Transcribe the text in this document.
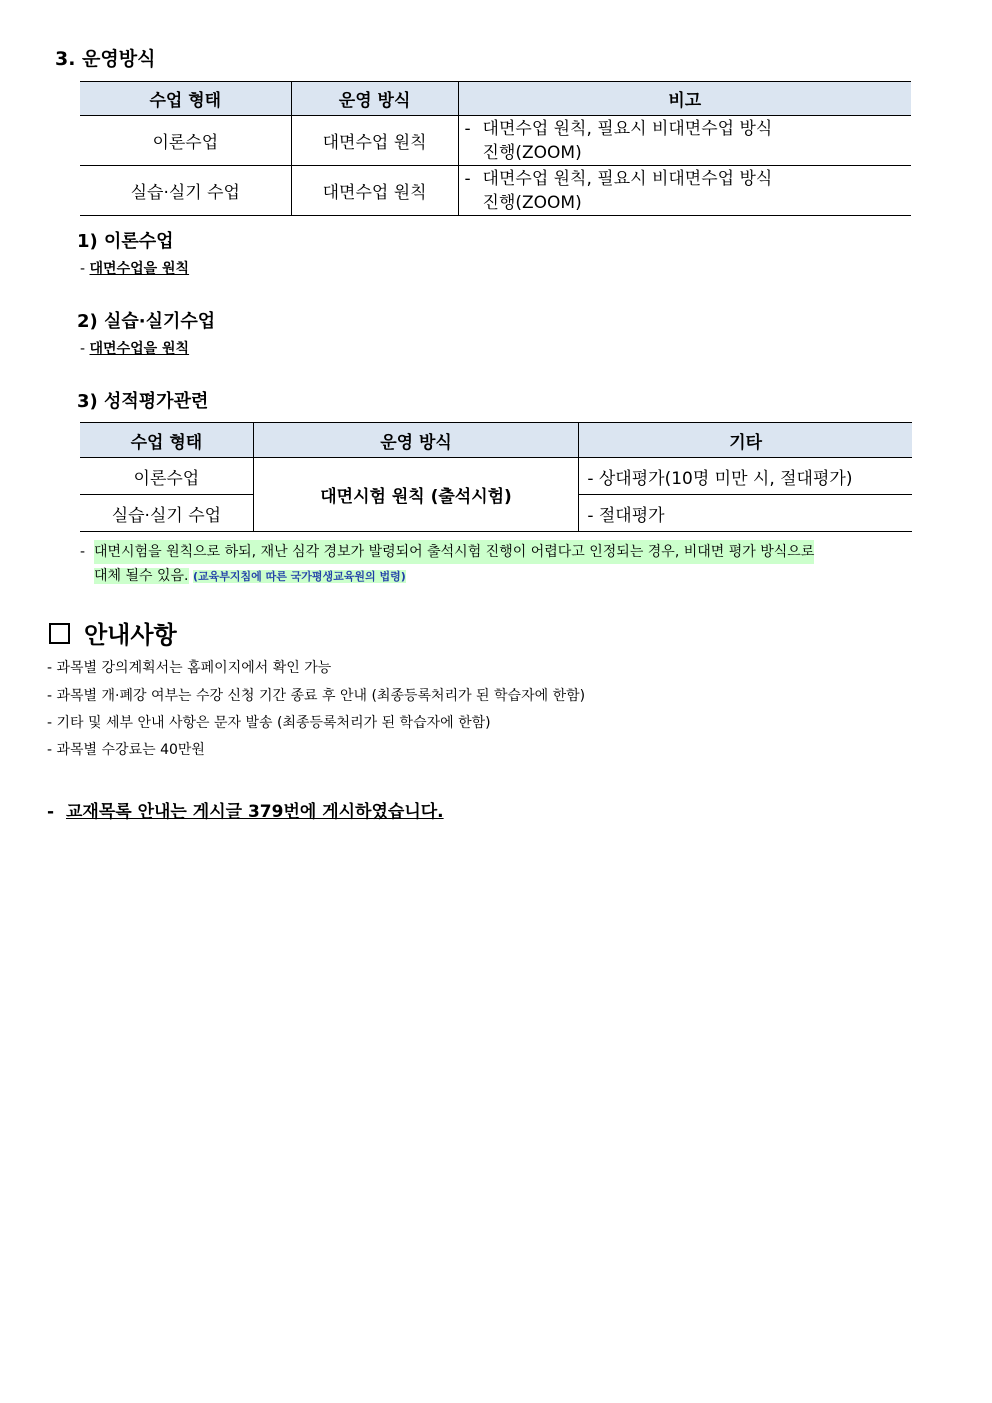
3. 운영방식
수업 형태	운영 방식	비고
이론수업	대면수업 원칙	- 대면수업 원칙, 필요시 비대면수업 방식
진행(ZOOM)

실습·실기 수업	대면수업 원칙	- 대면수업 원칙, 필요시 비대면수업 방식
진행(ZOOM)
1) 이론수업
- 대면수업을 원칙
2) 실습·실기수업
- 대면수업을 원칙
3) 성적평가관련
수업 형태	운영 방식	기타
이론수업	대면시험 원칙 (출석시험)	- 상대평가(10명 미만 시, 절대평가)
실습·실기 수업		- 절대평가
- 대면시험을 원칙으로 하되, 재난 심각 경보가 발령되어 출석시험 진행이 어렵다고 인정되는 경우, 비대면 평가 방식으로
대체 될수 있음. (교육부지침에 따른 국가평생교육원의 법령)
안내사항
- 과목별 강의계획서는 홈페이지에서 확인 가능
- 과목별 개·폐강 여부는 수강 신청 기간 종료 후 안내 (최종등록처리가 된 학습자에 한함)
- 기타 및 세부 안내 사항은 문자 발송 (최종등록처리가 된 학습자에 한함)
- 과목별 수강료는 40만원
- 교재목록 안내는 게시글 379번에 게시하였습니다.
